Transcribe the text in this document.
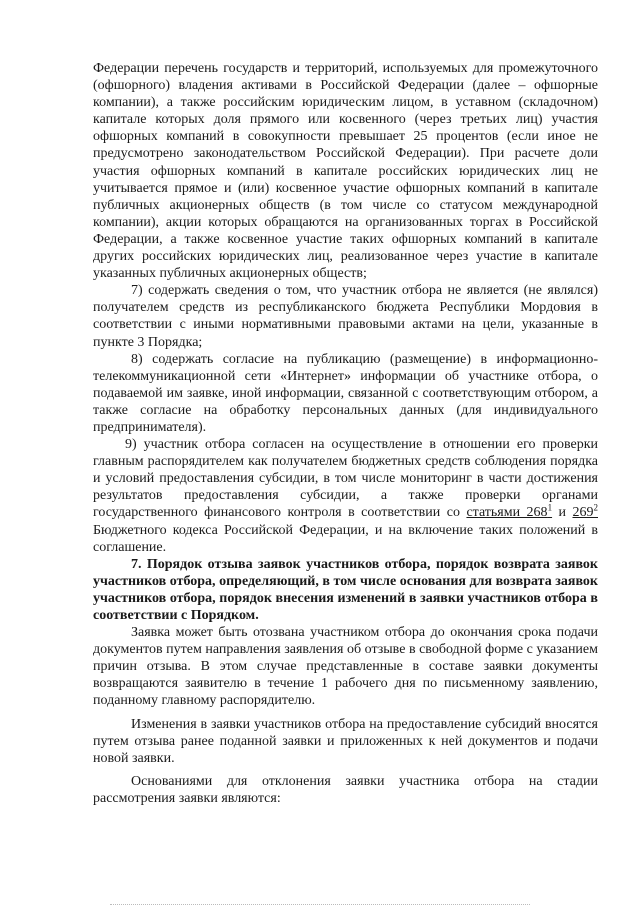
Федерации перечень государств и территорий, используемых для промежуточного (офшорного) владения активами в Российской Федерации (далее – офшорные компании), а также российским юридическим лицом, в уставном (складочном) капитале которых доля прямого или косвенного (через третьих лиц) участия офшорных компаний в совокупности превышает 25 процентов (если иное не предусмотрено законодательством Российской Федерации). При расчете доли участия офшорных компаний в капитале российских юридических лиц не учитывается прямое и (или) косвенное участие офшорных компаний в капитале публичных акционерных обществ (в том числе со статусом международной компании), акции которых обращаются на организованных торгах в Российской Федерации, а также косвенное участие таких офшорных компаний в капитале других российских юридических лиц, реализованное через участие в капитале указанных публичных акционерных обществ;

7) содержать сведения о том, что участник отбора не является (не являлся) получателем средств из республиканского бюджета Республики Мордовия в соответствии с иными нормативными правовыми актами на цели, указанные в пункте 3 Порядка;

8) содержать согласие на публикацию (размещение) в информационно-телекоммуникационной сети «Интернет» информации об участнике отбора, о подаваемой им заявке, иной информации, связанной с соответствующим отбором, а также согласие на обработку персональных данных (для индивидуального предпринимателя).

9) участник отбора согласен на осуществление в отношении его проверки главным распорядителем как получателем бюджетных средств соблюдения порядка и условий предоставления субсидии, в том числе мониторинг в части достижения результатов предоставления субсидии, а также проверки органами государственного финансового контроля в соответствии со статьями $268^1$ и $269^2$ Бюджетного кодекса Российской Федерации, и на включение таких положений в соглашение.

7. Порядок отзыва заявок участников отбора, порядок возврата заявок участников отбора, определяющий, в том числе основания для возврата заявок участников отбора, порядок внесения изменений в заявки участников отбора в соответствии с Порядком.

Заявка может быть отозвана участником отбора до окончания срока подачи документов путем направления заявления об отзыве в свободной форме с указанием причин отзыва. В этом случае представленные в составе заявки документы возвращаются заявителю в течение 1 рабочего дня по письменному заявлению, поданному главному распорядителю.

Изменения в заявки участников отбора на предоставление субсидий вносятся путем отзыва ранее поданной заявки и приложенных к ней документов и подачи новой заявки.

Основаниями для отклонения заявки участника отбора на стадии рассмотрения заявки являются:
